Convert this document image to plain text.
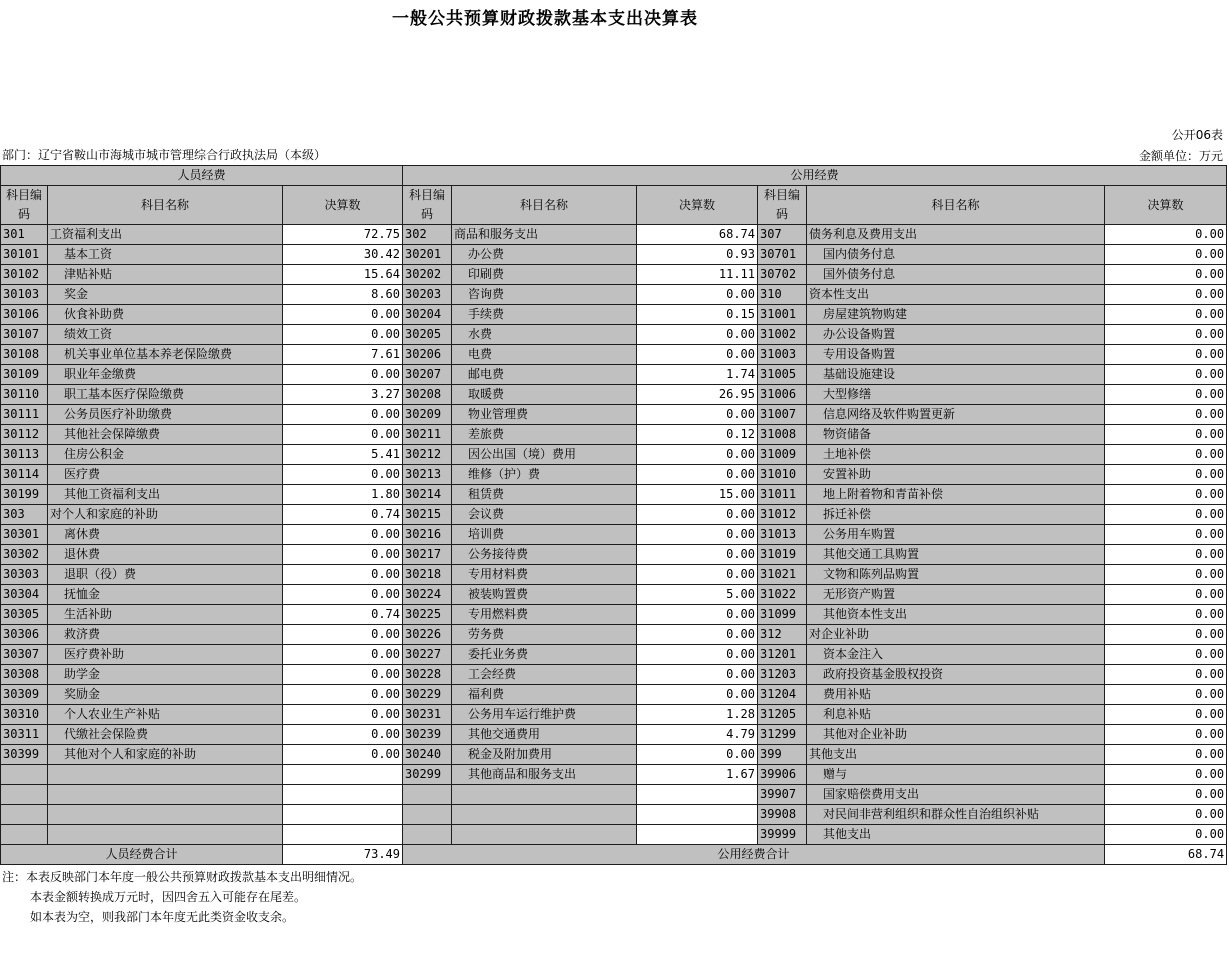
一般公共预算财政拨款基本支出决算表
公开06表
部门：辽宁省鞍山市海城市城市管理综合行政执法局（本级）	金额单位：万元
人员经费			公用经费					
科目编码	科目名称	决算数	科目编码	科目名称	决算数	科目编码	科目名称	决算数
301	工资福利支出	72.75	302	商品和服务支出	68.74	307	债务利息及费用支出	0.00
30101	基本工资	30.42	30201	办公费	0.93	30701	国内债务付息	0.00
30102	津贴补贴	15.64	30202	印刷费	11.11	30702	国外债务付息	0.00
30103	奖金	8.60	30203	咨询费	0.00	310	资本性支出	0.00
30106	伙食补助费	0.00	30204	手续费	0.15	31001	房屋建筑物购建	0.00
30107	绩效工资	0.00	30205	水费	0.00	31002	办公设备购置	0.00
30108	机关事业单位基本养老保险缴费	7.61	30206	电费	0.00	31003	专用设备购置	0.00
30109	职业年金缴费	0.00	30207	邮电费	1.74	31005	基础设施建设	0.00
30110	职工基本医疗保险缴费	3.27	30208	取暖费	26.95	31006	大型修缮	0.00
30111	公务员医疗补助缴费	0.00	30209	物业管理费	0.00	31007	信息网络及软件购置更新	0.00
30112	其他社会保障缴费	0.00	30211	差旅费	0.12	31008	物资储备	0.00
30113	住房公积金	5.41	30212	因公出国（境）费用	0.00	31009	土地补偿	0.00
30114	医疗费	0.00	30213	维修（护）费	0.00	31010	安置补助	0.00
30199	其他工资福利支出	1.80	30214	租赁费	15.00	31011	地上附着物和青苗补偿	0.00
303	对个人和家庭的补助	0.74	30215	会议费	0.00	31012	拆迁补偿	0.00
30301	离休费	0.00	30216	培训费	0.00	31013	公务用车购置	0.00
30302	退休费	0.00	30217	公务接待费	0.00	31019	其他交通工具购置	0.00
30303	退职（役）费	0.00	30218	专用材料费	0.00	31021	文物和陈列品购置	0.00
30304	抚恤金	0.00	30224	被装购置费	5.00	31022	无形资产购置	0.00
30305	生活补助	0.74	30225	专用燃料费	0.00	31099	其他资本性支出	0.00
30306	救济费	0.00	30226	劳务费	0.00	312	对企业补助	0.00
30307	医疗费补助	0.00	30227	委托业务费	0.00	31201	资本金注入	0.00
30308	助学金	0.00	30228	工会经费	0.00	31203	政府投资基金股权投资	0.00
30309	奖励金	0.00	30229	福利费	0.00	31204	费用补贴	0.00
30310	个人农业生产补贴	0.00	30231	公务用车运行维护费	1.28	31205	利息补贴	0.00
30311	代缴社会保险费	0.00	30239	其他交通费用	4.79	31299	其他对企业补助	0.00
30399	其他对个人和家庭的补助	0.00	30240	税金及附加费用	0.00	399	其他支出	0.00
			30299	其他商品和服务支出	1.67	39906	赠与	0.00
						39907	国家赔偿费用支出	0.00
						39908	对民间非营利组织和群众性自治组织补贴	0.00
						39999	其他支出	0.00
人员经费合计		73.49	公用经费合计					68.74
注：本表反映部门本年度一般公共预算财政拨款基本支出明细情况。
本表金额转换成万元时，因四舍五入可能存在尾差。
如本表为空，则我部门本年度无此类资金收支余。
